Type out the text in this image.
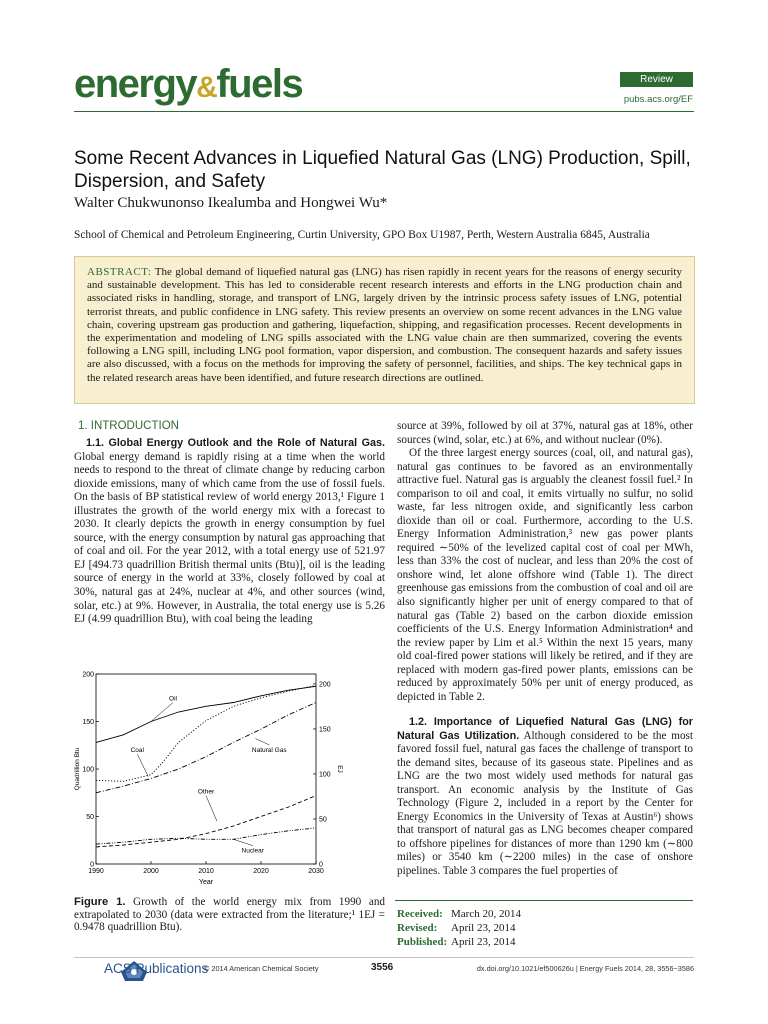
energy&fuels	Review
pubs.acs.org/EF
Some Recent Advances in Liquefied Natural Gas (LNG) Production, Spill, Dispersion, and Safety
Walter Chukwunonso Ikealumba and Hongwei Wu*
School of Chemical and Petroleum Engineering, Curtin University, GPO Box U1987, Perth, Western Australia 6845, Australia
ABSTRACT: The global demand of liquefied natural gas (LNG) has risen rapidly in recent years for the reasons of energy security and sustainable development. This has led to considerable recent research interests and efforts in the LNG production chain and associated risks in handling, storage, and transport of LNG, largely driven by the intrinsic process safety issues of LNG, potential terrorist threats, and public confidence in LNG safety. This review presents an overview on some recent advances in the LNG value chain, covering upstream gas production and gathering, liquefaction, shipping, and regasification processes. Recent developments in the experimentation and modeling of LNG spills associated with the LNG value chain are then summarized, covering the events following a LNG spill, including LNG pool formation, vapor dispersion, and combustion. The consequent hazards and safety issues are also discussed, with a focus on the methods for improving the safety of personnel, facilities, and ships. The key technical gaps in the related research areas have been identified, and future research directions are outlined.
1. INTRODUCTION

1.1. Global Energy Outlook and the Role of Natural Gas. Global energy demand is rapidly rising at a time when the world needs to respond to the threat of climate change by reducing carbon dioxide emissions, many of which came from the use of fossil fuels. On the basis of BP statistical review of world energy 2013,¹ Figure 1 illustrates the growth of the world energy mix with a forecast to 2030. It clearly depicts the growth in energy consumption by fuel source, with the energy consumption by natural gas approaching that of coal and oil. For the year 2012, with a total energy use of 521.97 EJ [494.73 quadrillion British thermal units (Btu)], oil is the leading source of energy in the world at 33%, closely followed by coal at 30%, natural gas at 24%, nuclear at 4%, and other sources (wind, solar, etc.) at 9%. However, in Australia, the total energy use is 5.26 EJ (4.99 quadrillion Btu), with coal being the leading

1990	2000	2010	2020	2030
0
50
100
150
200
0
50
100
150
200
Oil
Coal	Natural Gas
Other
Nuclear
Year
Quadrillion Btu	EJ
Figure 1. Growth of the world energy mix from 1990 and extrapolated to 2030 (data were extracted from the literature;¹ 1EJ = 0.9478 quadrillion Btu).

source at 39%, followed by oil at 37%, natural gas at 18%, other sources (wind, solar, etc.) at 6%, and without nuclear (0%).

Of the three largest energy sources (coal, oil, and natural gas), natural gas continues to be favored as an environmentally attractive fuel. Natural gas is arguably the cleanest fossil fuel.² In comparison to oil and coal, it emits virtually no sulfur, no solid waste, far less nitrogen oxide, and significantly less carbon dioxide than oil or coal. Furthermore, according to the U.S. Energy Information Administration,³ new gas power plants required ∼50% of the levelized capital cost of coal per MWh, less than 33% the cost of nuclear, and less than 20% the cost of onshore wind, let alone offshore wind (Table 1). The direct greenhouse gas emissions from the combustion of coal and oil are also significantly higher per unit of energy compared to that of natural gas (Table 2) based on the carbon dioxide emission coefficients of the U.S. Energy Information Administration⁴ and the review paper by Lim et al.⁵ Within the next 15 years, many old coal-fired power stations will likely be retired, and if they are replaced with modern gas-fired power plants, emissions can be reduced by approximately 50% per unit of energy produced, as depicted in Table 2.

1.2. Importance of Liquefied Natural Gas (LNG) for Natural Gas Utilization. Although considered to be the most favored fossil fuel, natural gas faces the challenge of transport to the demand sites, because of its gaseous state. Pipelines and as LNG are the two most widely used methods for natural gas transport. An economic analysis by the Institute of Gas Technology (Figure 2, included in a report by the Center for Energy Economics in the University of Texas at Austin⁶) shows that transport of natural gas as LNG becomes cheaper compared to offshore pipelines for distances of more than 1290 km (∼800 miles) or 3540 km (∼2200 miles) in the case of onshore pipelines. Table 3 compares the fuel properties of

Received: March 20, 2014
Revised: April 23, 2014
Published: April 23, 2014
ACS Publications
© 2014 American Chemical Society	3556	dx.doi.org/10.1021/ef500626u | Energy Fuels 2014, 28, 3556−3586
